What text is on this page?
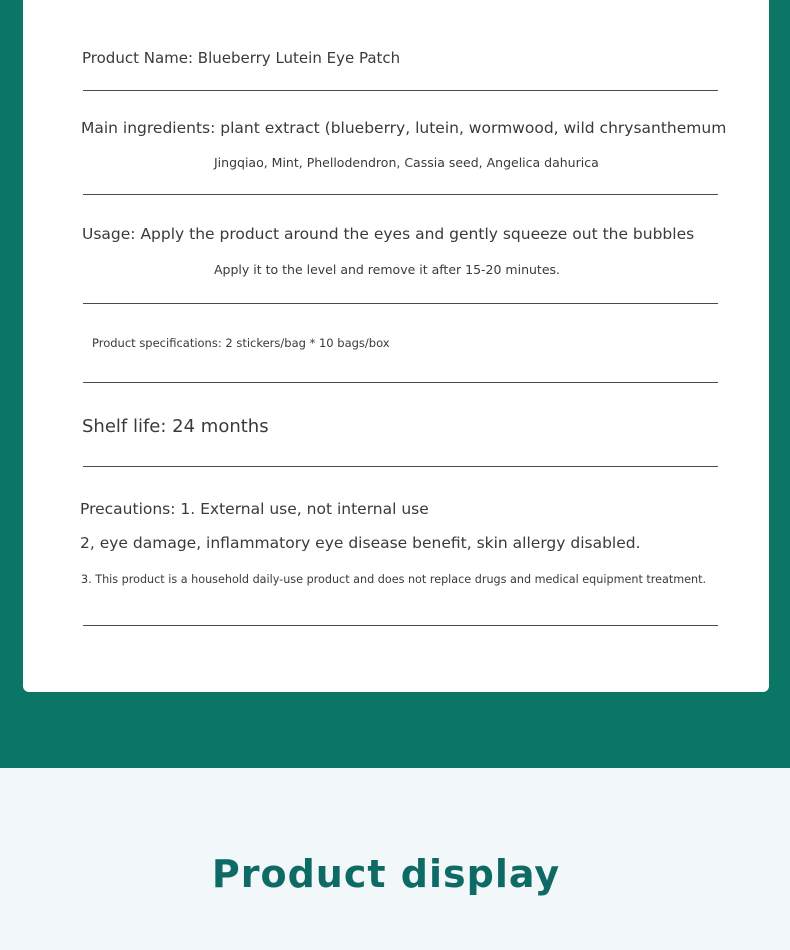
Product Name: Blueberry Lutein Eye Patch

Main ingredients: plant extract (blueberry, lutein, wormwood, wild chrysanthemum

Jingqiao, Mint, Phellodendron, Cassia seed, Angelica dahurica

Usage: Apply the product around the eyes and gently squeeze out the bubbles

Apply it to the level and remove it after 15-20 minutes.

Product specifications: 2 stickers/bag * 10 bags/box

Shelf life: 24 months

Precautions: 1. External use, not internal use

2, eye damage, inflammatory eye disease benefit, skin allergy disabled.

3. This product is a household daily-use product and does not replace drugs and medical equipment treatment.

Product display
